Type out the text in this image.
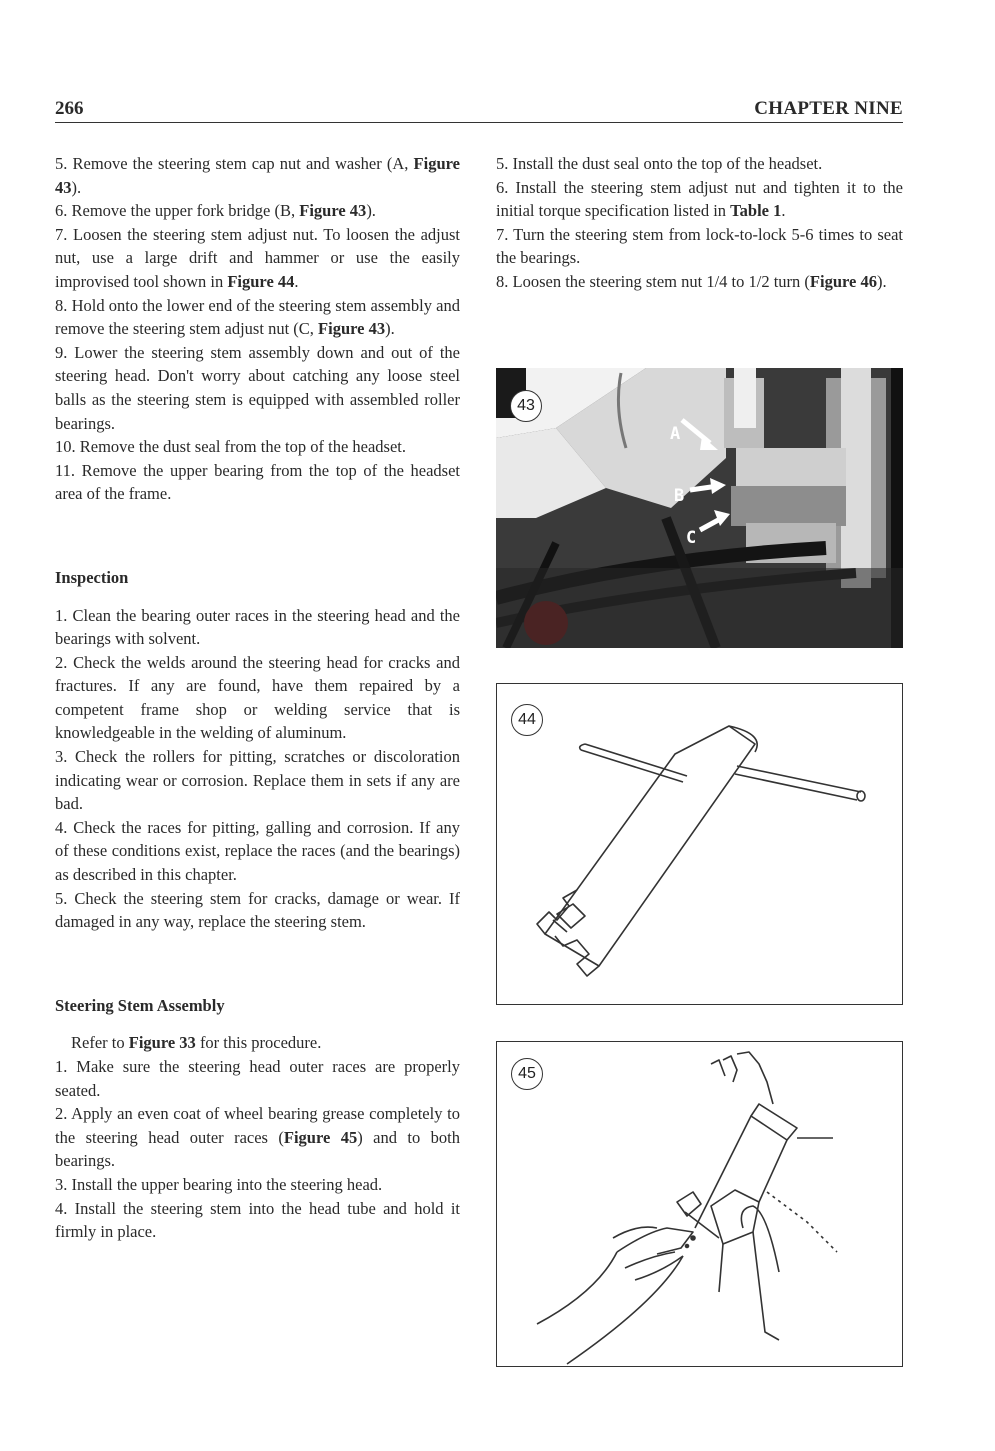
266	CHAPTER NINE

5. Remove the steering stem cap nut and washer (A, Figure 43).

6. Remove the upper fork bridge (B, Figure 43).

7. Loosen the steering stem adjust nut. To loosen the adjust nut, use a large drift and hammer or use the easily improvised tool shown in Figure 44.

8. Hold onto the lower end of the steering stem assembly and remove the steering stem adjust nut (C, Figure 43).

9. Lower the steering stem assembly down and out of the steering head. Don't worry about catching any loose steel balls as the steering stem is equipped with assembled roller bearings.

10. Remove the dust seal from the top of the headset.

11. Remove the upper bearing from the top of the headset area of the frame.

Inspection

1. Clean the bearing outer races in the steering head and the bearings with solvent.

2. Check the welds around the steering head for cracks and fractures. If any are found, have them repaired by a competent frame shop or welding service that is knowledgeable in the welding of aluminum.

3. Check the rollers for pitting, scratches or discoloration indicating wear or corrosion. Replace them in sets if any are bad.

4. Check the races for pitting, galling and corrosion. If any of these conditions exist, replace the races (and the bearings) as described in this chapter.

5. Check the steering stem for cracks, damage or wear. If damaged in any way, replace the steering stem.

Steering Stem Assembly

Refer to Figure 33 for this procedure.

1. Make sure the steering head outer races are properly seated.

2. Apply an even coat of wheel bearing grease completely to the steering head outer races (Figure 45) and to both bearings.

3. Install the upper bearing into the steering head.

4. Install the steering stem into the head tube and hold it firmly in place.

5. Install the dust seal onto the top of the headset.

6. Install the steering stem adjust nut and tighten it to the initial torque specification listed in Table 1.

7. Turn the steering stem from lock-to-lock 5-6 times to seat the bearings.

8. Loosen the steering stem nut 1/4 to 1/2 turn (Figure 46).

43
A
B
C
44
45
